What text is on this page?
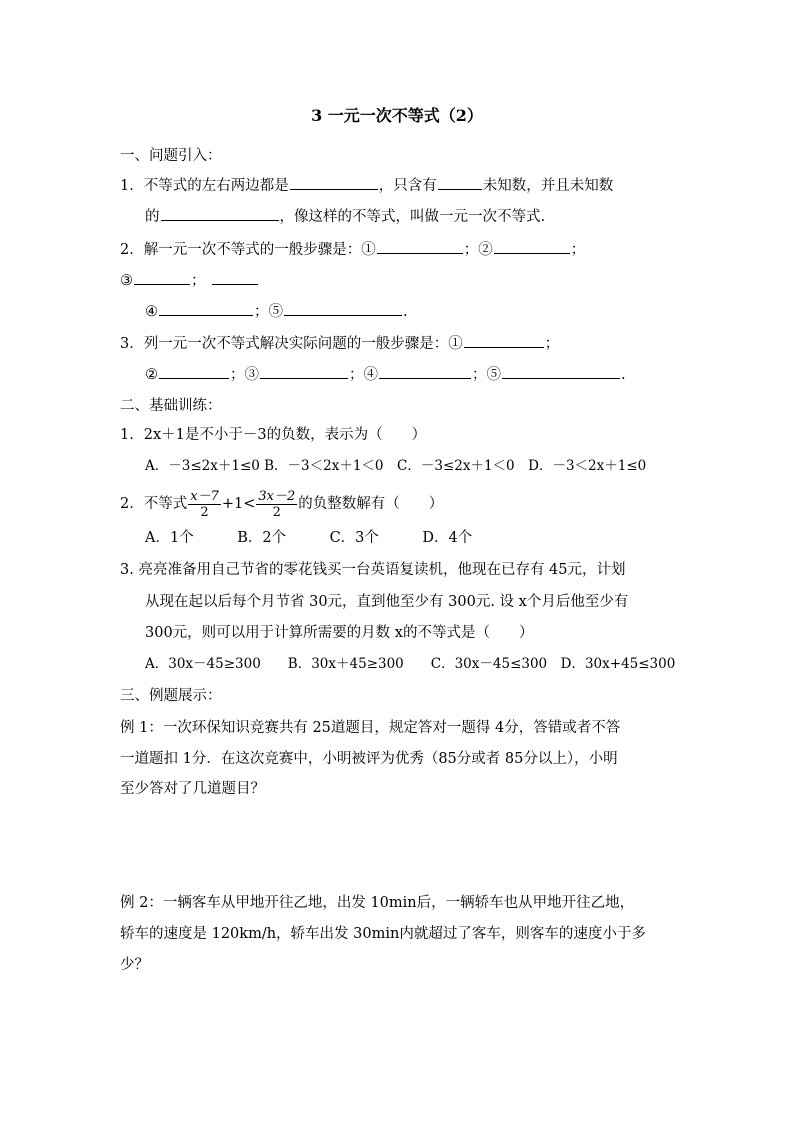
3 一元一次不等式（2）
一、问题引入：
1．不等式的左右两边都是	，只含有	未知数，并且未知数
的	，像这样的不等式，叫做一元一次不等式.
2．解一元一次不等式的一般步骤是：①	；②	；
③	；
④	；⑤	.
3．列一元一次不等式解决实际问题的一般步骤是：①	；
②	；③	；④	；⑤	.
二、基础训练：
1．2x＋1是不小于－3的负数，表示为（　　）
A．－3≤2x＋1≤0 B．－3＜2x＋1＜0　C．－3≤2x＋1＜0　D．－3＜2x＋1≤0
2．不等式 $\frac{x-7}{2} +1< \frac{3x-2}{2}$ 的负整数解有（　　）
A．1个　　　B．2个　　　C．3个　　　D．4个
3. 亮亮准备用自己节省的零花钱买一台英语复读机，他现在已存有 45元，计划
从现在起以后每个月节省 30元，直到他至少有 300元. 设 x个月后他至少有
300元，则可以用于计算所需要的月数 x的不等式是（　　）
A．30x－45≥300　　B．30x＋45≥300　　C．30x－45≤300　D．30x+45≤300
三、例题展示：
例 1：一次环保知识竞赛共有 25道题目，规定答对一题得 4分，答错或者不答
一道题扣 1分．在这次竞赛中，小明被评为优秀（85分或者 85分以上），小明
至少答对了几道题目？
例 2：一辆客车从甲地开往乙地，出发 10min后，一辆轿车也从甲地开往乙地，
轿车的速度是 120km/h，轿车出发 30min内就超过了客车，则客车的速度小于多
少？
